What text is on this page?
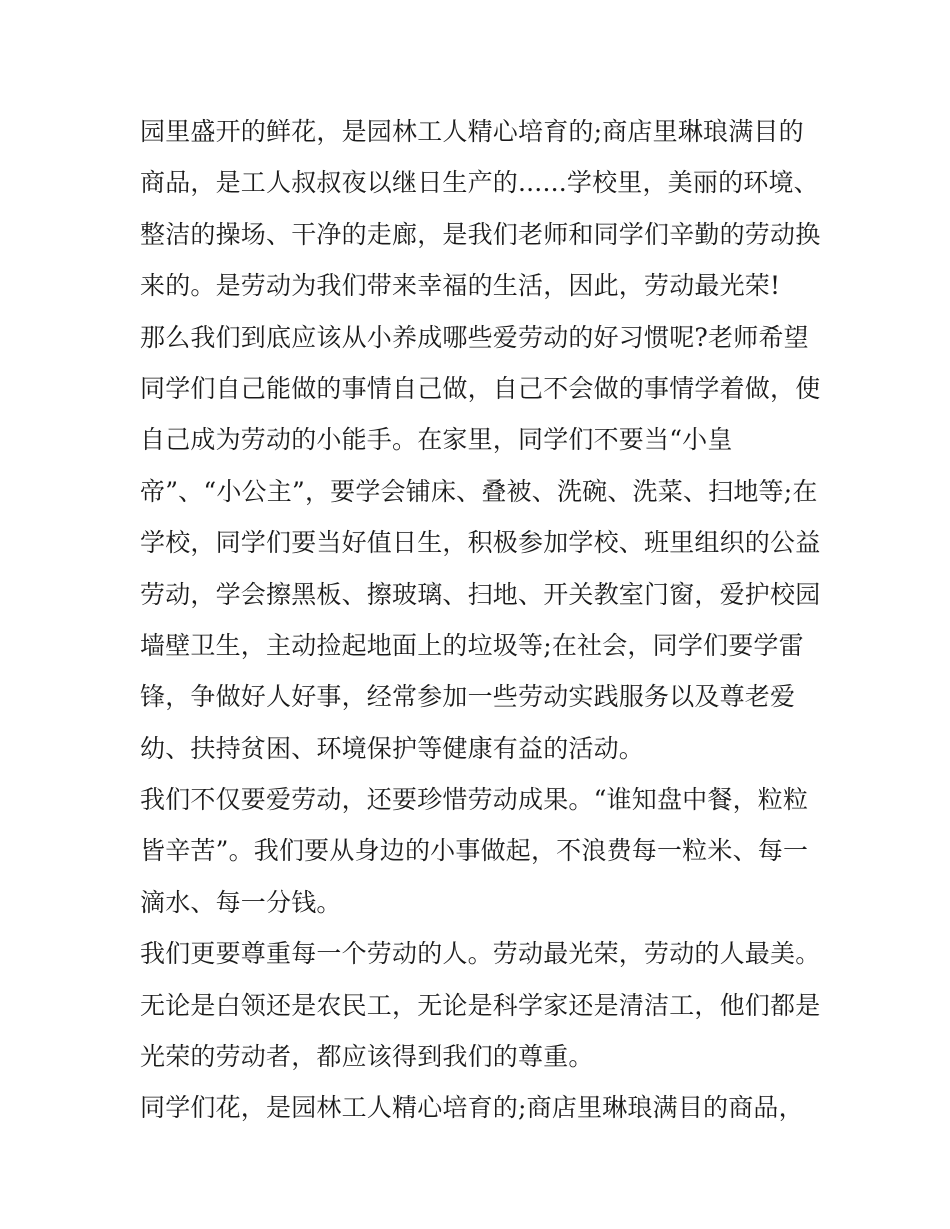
园里盛开的鲜花，是园林工人精心培育的;商店里琳琅满目的
商品，是工人叔叔夜以继日生产的......学校里，美丽的环境、
整洁的操场、干净的走廊，是我们老师和同学们辛勤的劳动换
来的。是劳动为我们带来幸福的生活，因此，劳动最光荣!
那么我们到底应该从小养成哪些爱劳动的好习惯呢?老师希望
同学们自己能做的事情自己做，自己不会做的事情学着做，使
自己成为劳动的小能手。在家里，同学们不要当“小皇
帝”、“小公主”，要学会铺床、叠被、洗碗、洗菜、扫地等;在
学校，同学们要当好值日生，积极参加学校、班里组织的公益
劳动，学会擦黑板、擦玻璃、扫地、开关教室门窗，爱护校园
墙壁卫生，主动捡起地面上的垃圾等;在社会，同学们要学雷
锋，争做好人好事，经常参加一些劳动实践服务以及尊老爱
幼、扶持贫困、环境保护等健康有益的活动。
我们不仅要爱劳动，还要珍惜劳动成果。“谁知盘中餐，粒粒
皆辛苦”。我们要从身边的小事做起，不浪费每一粒米、每一
滴水、每一分钱。
我们更要尊重每一个劳动的人。劳动最光荣，劳动的人最美。
无论是白领还是农民工，无论是科学家还是清洁工，他们都是
光荣的劳动者，都应该得到我们的尊重。
同学们花，是园林工人精心培育的;商店里琳琅满目的商品，
